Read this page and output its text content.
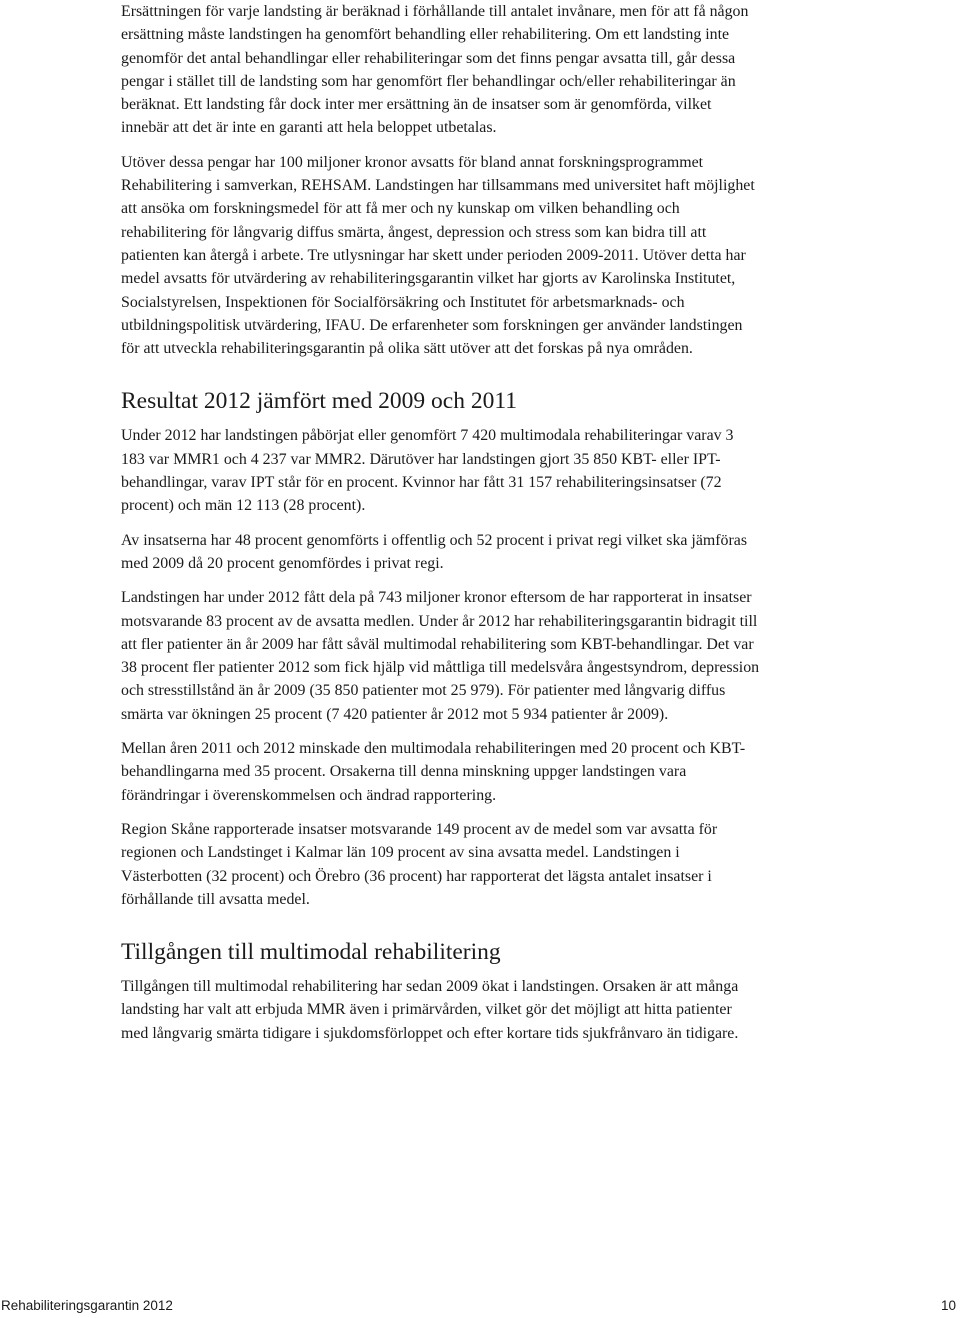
Ersättningen för varje landsting är beräknad i förhållande till antalet invånare, men för att få någon ersättning måste landstingen ha genomfört behandling eller rehabilitering. Om ett landsting inte genomför det antal behandlingar eller rehabiliteringar som det finns pengar avsatta till, går dessa pengar i stället till de landsting som har genomfört fler behandlingar och/eller rehabiliteringar än beräknat. Ett landsting får dock inter mer ersättning än de insatser som är genomförda, vilket innebär att det är inte en garanti att hela beloppet utbetalas.

Utöver dessa pengar har 100 miljoner kronor avsatts för bland annat forskningsprogrammet Rehabilitering i samverkan, REHSAM. Landstingen har tillsammans med universitet haft möjlighet att ansöka om forskningsmedel för att få mer och ny kunskap om vilken behandling och rehabilitering för långvarig diffus smärta, ångest, depression och stress som kan bidra till att patienten kan återgå i arbete. Tre utlysningar har skett under perioden 2009-2011. Utöver detta har medel avsatts för utvärdering av rehabiliteringsgarantin vilket har gjorts av Karolinska Institutet, Socialstyrelsen, Inspektionen för Socialförsäkring och Institutet för arbetsmarknads- och utbildningspolitisk utvärdering, IFAU. De erfarenheter som forskningen ger använder landstingen för att utveckla rehabiliteringsgarantin på olika sätt utöver att det forskas på nya områden.

Resultat 2012 jämfört med 2009 och 2011

Under 2012 har landstingen påbörjat eller genomfört 7 420 multimodala rehabiliteringar varav 3 183 var MMR1 och 4 237 var MMR2. Därutöver har landstingen gjort 35 850 KBT- eller IPT-behandlingar, varav IPT står för en procent. Kvinnor har fått 31 157 rehabiliteringsinsatser (72 procent) och män 12 113 (28 procent).

Av insatserna har 48 procent genomförts i offentlig och 52 procent i privat regi vilket ska jämföras med 2009 då 20 procent genomfördes i privat regi.

Landstingen har under 2012 fått dela på 743 miljoner kronor eftersom de har rapporterat in insatser motsvarande 83 procent av de avsatta medlen. Under år 2012 har rehabiliteringsgarantin bidragit till att fler patienter än år 2009 har fått såväl multimodal rehabilitering som KBT-behandlingar. Det var 38 procent fler patienter 2012 som fick hjälp vid måttliga till medelsvåra ångestsyndrom, depression och stresstillstånd än år 2009 (35 850 patienter mot 25 979). För patienter med långvarig diffus smärta var ökningen 25 procent (7 420 patienter år 2012 mot 5 934 patienter år 2009).

Mellan åren 2011 och 2012 minskade den multimodala rehabiliteringen med 20 procent och KBT-behandlingarna med 35 procent. Orsakerna till denna minskning uppger landstingen vara förändringar i överenskommelsen och ändrad rapportering.

Region Skåne rapporterade insatser motsvarande 149 procent av de medel som var avsatta för regionen och Landstinget i Kalmar län 109 procent av sina avsatta medel. Landstingen i Västerbotten (32 procent) och Örebro (36 procent) har rapporterat det lägsta antalet insatser i förhållande till avsatta medel.

Tillgången till multimodal rehabilitering

Tillgången till multimodal rehabilitering har sedan 2009 ökat i landstingen. Orsaken är att många landsting har valt att erbjuda MMR även i primärvården, vilket gör det möjligt att hitta patienter med långvarig smärta tidigare i sjukdomsförloppet och efter kortare tids sjukfrånvaro än tidigare.

Rehabiliteringsgarantin 2012	10
